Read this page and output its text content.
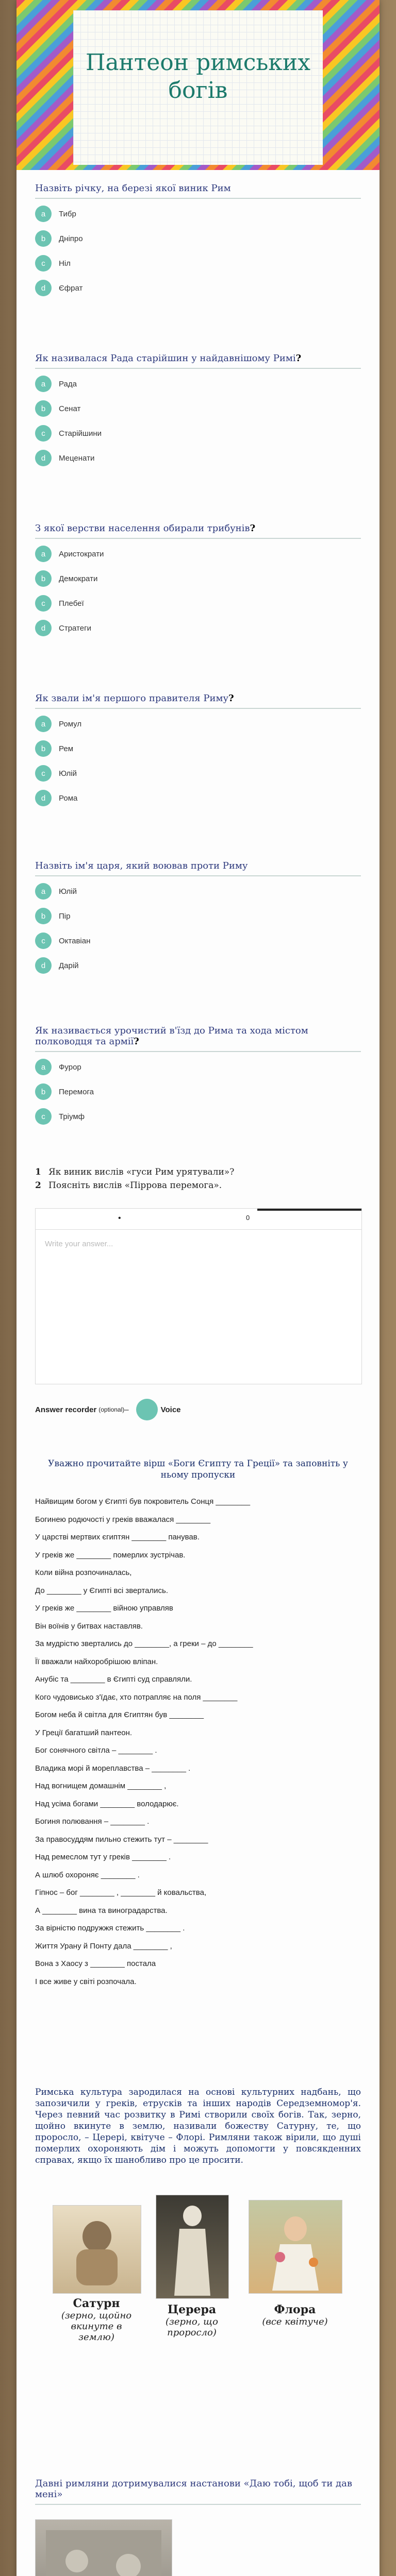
Пантеон римських богів
Назвіть річку, на березі якої виник Рим
a	Тибр
b	Дніпро
c	Ніл
d	Єфрат
Як називалася Рада старійшин у найдавнішому Римі?
a	Рада
b	Сенат
c	Старійшини
d	Меценати
З якої верстви населення обирали трибунів?
a	Аристократи
b	Демократи
c	Плебеї
d	Стратеги
Як звали ім'я першого правителя Риму?
a	Ромул
b	Рем
c	Юлій
d	Рома
Назвіть ім'я царя, який воював проти Риму
a	Юлій
b	Пір
c	Октавіан
d	Дарій
Як називається урочистий в'їзд до Рима та хода містом полководця та армії?
a	Фурор
b	Перемога
c	Тріумф
1 Як виник вислів «гуси Рим урятували»?
2 Поясніть вислів «Піррова перемога».
•	0
Write your answer...
Answer recorder (optional) –	Voice
Уважно прочитайте вірш «Боги Єгипту та Греції» та заповніть у ньому пропуски
Найвищим богом у Єгипті був покровитель Сонця ________
Богинею родючості у греків вважалася ________
У царстві мертвих єгиптян ________ панував.
У греків же ________ померлих зустрічав.
Коли війна розпочиналась,
До ________ у Єгипті всі звертались.
У греків же ________ війною управляв
Він воїнів у битвах наставляв.
За мудрістю звертались до ________, а греки – до ________
Її вважали найхоробрішою вліпан.
Анубіс та ________ в Єгипті суд справляли.
Кого чудовисько з'їдає, хто потрапляє на поля ________
Богом неба й світла для Єгиптян був ________
У Греції багатший пантеон.
Бог сонячного світла – ________ .
Владика морі й мореплавства – ________ .
Над вогнищем домашнім ________ ,
Над усіма богами ________ володарює.
Богиня полювання – ________ .
За правосуддям пильно стежить тут – ________
Над ремеслом тут у греків ________ .
А шлюб охороняє ________ .
Гіпнос – бог ________ , ________ й ковальства,
А ________ вина та виноградарства.
За вірністю подружжя стежить ________ .
Життя Урану й Понту дала ________ ,
Вона з Хаосу з ________ постала
І все живе у світі розпочала.
Римська культура зародилася на основі культурних надбань, що запозичили у греків, етрусків та інших народів Середземномор'я. Через певний час розвитку в Римі створили своїх богів. Так, зерно, щойно вкинуте в землю, називали божеству Сатурну, те, що проросло, – Церері, квітуче – Флорі. Римляни також вірили, що душі померлих охороняють дім і можуть допомогти у повсякденних справах, якщо їх шанобливо про це просити.
Сатурн
(зерно, щойно вкинуте в землю)
Церера
(зерно, що проросло)
Флора
(все квітуче)
Давні римляни дотримувалися настанови «Даю тобі, щоб ти дав мені»
